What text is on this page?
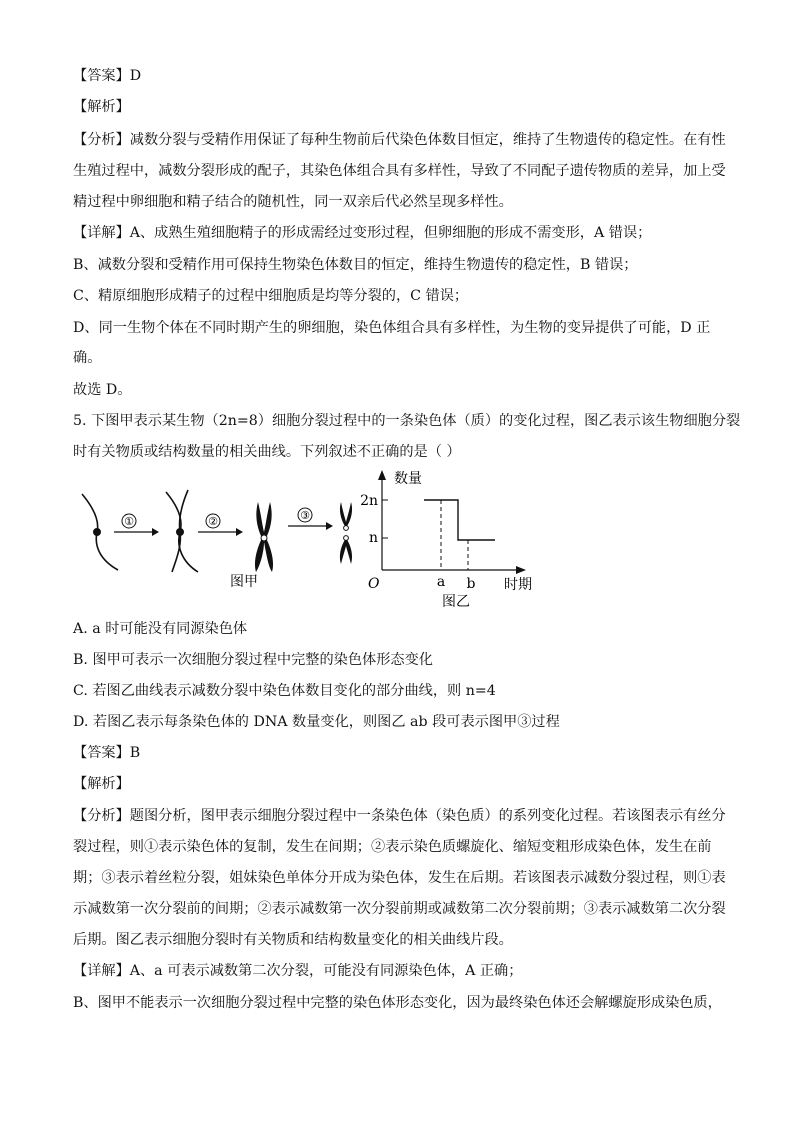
【答案】D
【解析】
【分析】减数分裂与受精作用保证了每种生物前后代染色体数目恒定，维持了生物遗传的稳定性。在有性
生殖过程中，减数分裂形成的配子，其染色体组合具有多样性，导致了不同配子遗传物质的差异，加上受
精过程中卵细胞和精子结合的随机性，同一双亲后代必然呈现多样性。
【详解】A、成熟生殖细胞精子的形成需经过变形过程，但卵细胞的形成不需变形，A 错误；
B、减数分裂和受精作用可保持生物染色体数目的恒定，维持生物遗传的稳定性，B 错误；
C、精原细胞形成精子的过程中细胞质是均等分裂的，C 错误；
D、同一生物个体在不同时期产生的卵细胞，染色体组合具有多样性，为生物的变异提供了可能，D 正
确。
故选 D。
5. 下图甲表示某生物（2n=8）细胞分裂过程中的一条染色体（质）的变化过程，图乙表示该生物细胞分裂
时有关物质或结构数量的相关曲线。下列叙述不正确的是（ ）
①	②	③
图甲
数量
时期
O
2n
n
a b
图乙
A. a 时可能没有同源染色体
B. 图甲可表示一次细胞分裂过程中完整的染色体形态变化
C. 若图乙曲线表示减数分裂中染色体数目变化的部分曲线，则 n=4
D. 若图乙表示每条染色体的 DNA 数量变化，则图乙 ab 段可表示图甲③过程
【答案】B
【解析】
【分析】题图分析，图甲表示细胞分裂过程中一条染色体（染色质）的系列变化过程。若该图表示有丝分
裂过程，则①表示染色体的复制，发生在间期；②表示染色质螺旋化、缩短变粗形成染色体，发生在前
期；③表示着丝粒分裂，姐妹染色单体分开成为染色体，发生在后期。若该图表示减数分裂过程，则①表
示减数第一次分裂前的间期；②表示减数第一次分裂前期或减数第二次分裂前期；③表示减数第二次分裂
后期。图乙表示细胞分裂时有关物质和结构数量变化的相关曲线片段。
【详解】A、a 可表示减数第二次分裂，可能没有同源染色体，A 正确；
B、图甲不能表示一次细胞分裂过程中完整的染色体形态变化，因为最终染色体还会解螺旋形成染色质，
